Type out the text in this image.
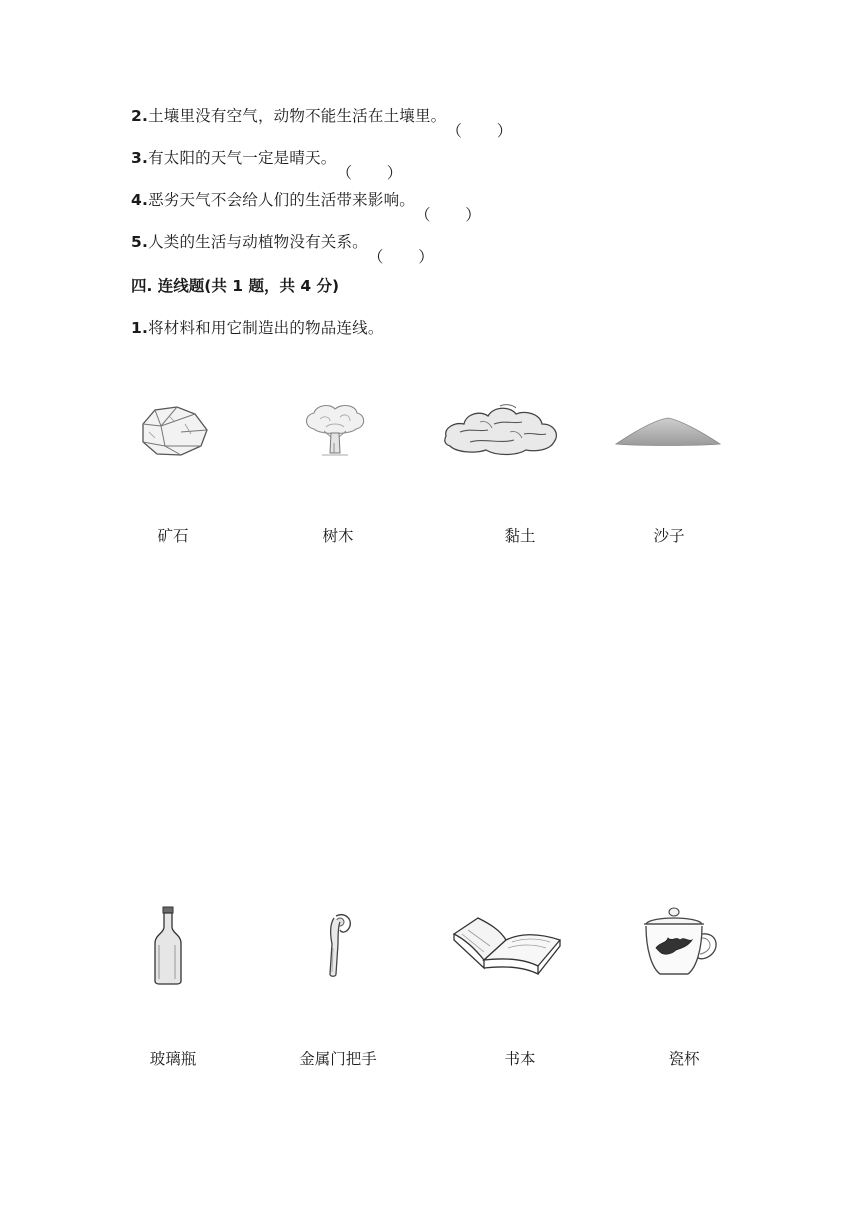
2.土壤里没有空气，动物不能生活在土壤里。
（ ）
3.有太阳的天气一定是晴天。
（ ）
4.恶劣天气不会给人们的生活带来影响。
（ ）
5.人类的生活与动植物没有关系。
（ ）
四. 连线题(共 1 题，共 4 分)
1.将材料和用它制造出的物品连线。
矿石	树木	黏土	沙子
玻璃瓶	金属门把手	书本	瓷杯
